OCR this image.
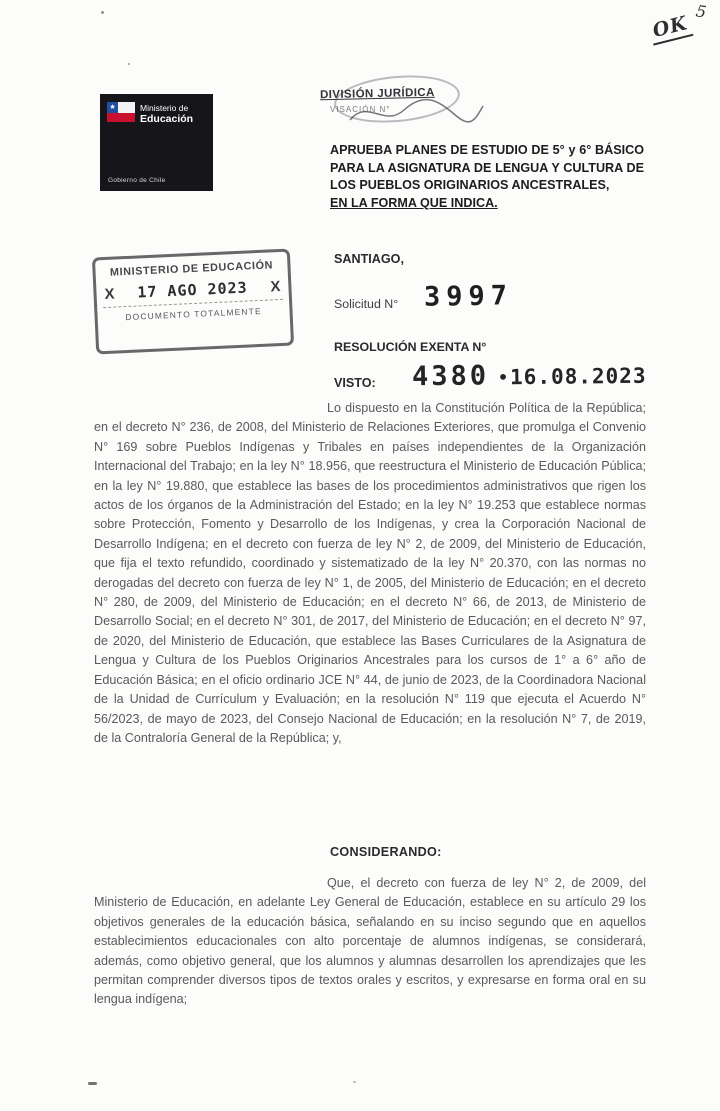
5
OK
★	Ministerio de
Educación
Gobierno de Chile
DIVISIÓN JURÍDICA
VISACIÓN N°
APRUEBA PLANES DE ESTUDIO DE 5° y 6° BÁSICO PARA LA ASIGNATURA DE LENGUA Y CULTURA DE LOS PUEBLOS ORIGINARIOS ANCESTRALES,
EN LA FORMA QUE INDICA.
MINISTERIO DE EDUCACIÓN
X 17 AGO 2023 X
DOCUMENTO TOTALMENTE
SANTIAGO,
Solicitud N° 3997
RESOLUCIÓN EXENTA N°
VISTO: 4380 • 16.08.2023

Lo dispuesto en la Constitución Política de la República; en el decreto N° 236, de 2008, del Ministerio de Relaciones Exteriores, que promulga el Convenio N° 169 sobre Pueblos Indígenas y Tribales en países independientes de la Organización Internacional del Trabajo; en la ley N° 18.956, que reestructura el Ministerio de Educación Pública; en la ley N° 19.880, que establece las bases de los procedimientos administrativos que rigen los actos de los órganos de la Administración del Estado; en la ley N° 19.253 que establece normas sobre Protección, Fomento y Desarrollo de los Indígenas, y crea la Corporación Nacional de Desarrollo Indígena; en el decreto con fuerza de ley N° 2, de 2009, del Ministerio de Educación, que fija el texto refundido, coordinado y sistematizado de la ley N° 20.370, con las normas no derogadas del decreto con fuerza de ley N° 1, de 2005, del Ministerio de Educación; en el decreto N° 280, de 2009, del Ministerio de Educación; en el decreto N° 66, de 2013, de Ministerio de Desarrollo Social; en el decreto N° 301, de 2017, del Ministerio de Educación; en el decreto N° 97, de 2020, del Ministerio de Educación, que establece las Bases Curriculares de la Asignatura de Lengua y Cultura de los Pueblos Originarios Ancestrales para los cursos de 1° a 6° año de Educación Básica; en el oficio ordinario JCE N° 44, de junio de 2023, de la Coordinadora Nacional de la Unidad de Currículum y Evaluación; en la resolución N° 119 que ejecuta el Acuerdo N° 56/2023, de mayo de 2023, del Consejo Nacional de Educación; en la resolución N° 7, de 2019, de la Contraloría General de la República; y,

CONSIDERANDO:

Que, el decreto con fuerza de ley N° 2, de 2009, del Ministerio de Educación, en adelante Ley General de Educación, establece en su artículo 29 los objetivos generales de la educación básica, señalando en su inciso segundo que en aquellos establecimientos educacionales con alto porcentaje de alumnos indígenas, se considerará, además, como objetivo general, que los alumnos y alumnas desarrollen los aprendizajes que les permitan comprender diversos tipos de textos orales y escritos, y expresarse en forma oral en su lengua indígena;
